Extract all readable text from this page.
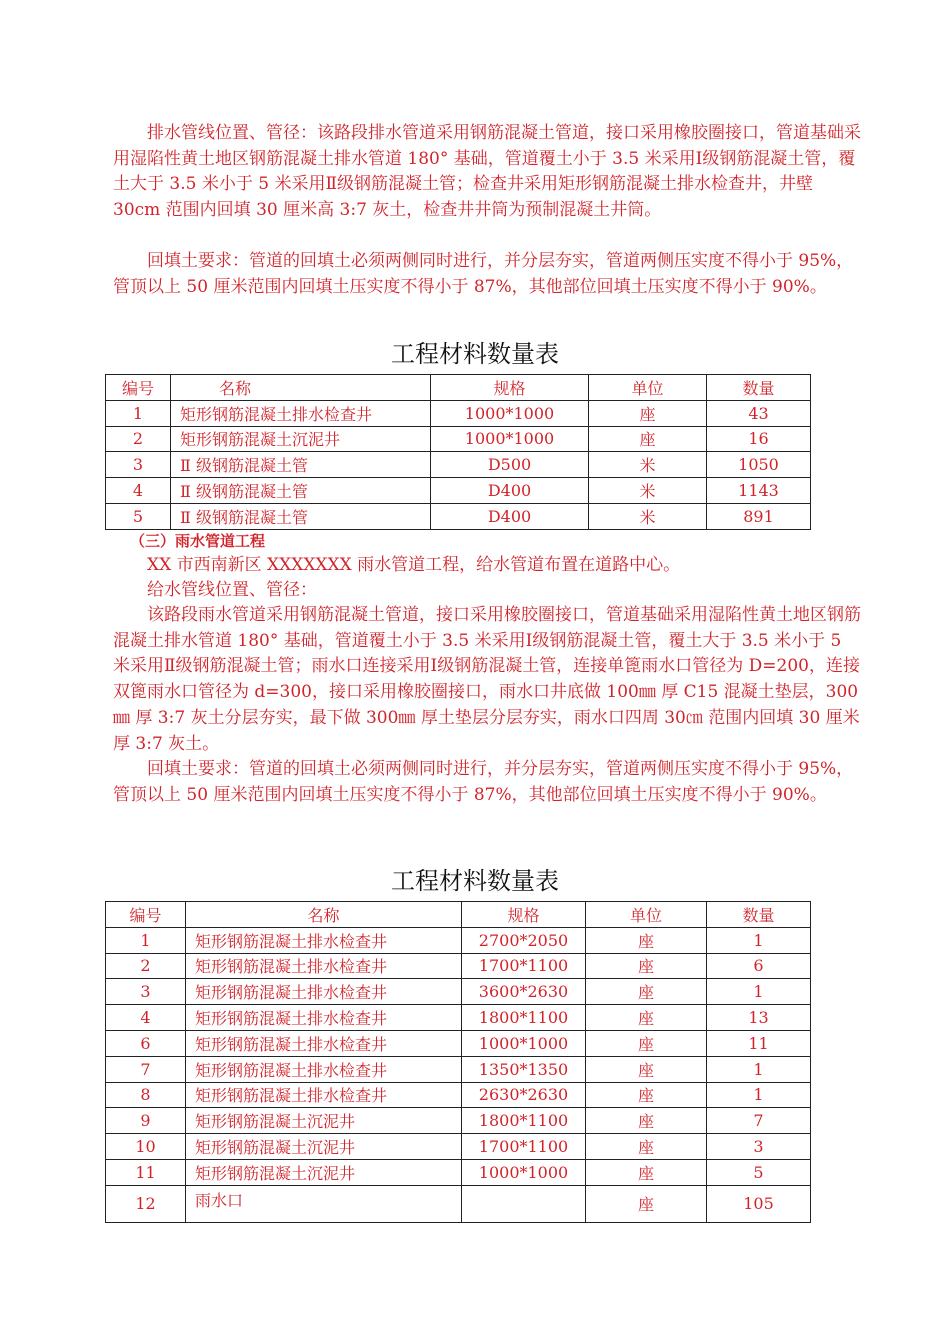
排水管线位置、管径：该路段排水管道采用钢筋混凝土管道，接口采用橡胶圈接口，管道基础采用湿陷性黄土地区钢筋混凝土排水管道 180° 基础，管道覆土小于 3.5 米采用Ⅰ级钢筋混凝土管，覆土大于 3.5 米小于 5 米采用Ⅱ级钢筋混凝土管；检查井采用矩形钢筋混凝土排水检查井，井壁 30cm 范围内回填 30 厘米高 3:7 灰土，检查井井筒为预制混凝土井筒。

回填土要求：管道的回填土必须两侧同时进行，并分层夯实，管道两侧压实度不得小于 95%，管顶以上 50 厘米范围内回填土压实度不得小于 87%，其他部位回填土压实度不得小于 90%。

工程材料数量表
编号	名称	规格	单位	数量
1	矩形钢筋混凝土排水检查井	1000*1000	座	43
2	矩形钢筋混凝土沉泥井	1000*1000	座	16
3	Ⅱ 级钢筋混凝土管	D500	米	1050
4	Ⅱ 级钢筋混凝土管	D400	米	1143
5	Ⅱ 级钢筋混凝土管	D400	米	891
（三）雨水管道工程

XX 市西南新区 XXXXXXX 雨水管道工程，给水管道布置在道路中心。

给水管线位置、管径：

该路段雨水管道采用钢筋混凝土管道，接口采用橡胶圈接口，管道基础采用湿陷性黄土地区钢筋混凝土排水管道 180° 基础，管道覆土小于 3.5 米采用Ⅰ级钢筋混凝土管，覆土大于 3.5 米小于 5 米采用Ⅱ级钢筋混凝土管；雨水口连接采用Ⅰ级钢筋混凝土管，连接单篦雨水口管径为 D=200，连接双篦雨水口管径为 d=300，接口采用橡胶圈接口，雨水口井底做 100㎜ 厚 C15 混凝土垫层，300㎜ 厚 3:7 灰土分层夯实，最下做 300㎜ 厚土垫层分层夯实，雨水口四周 30㎝ 范围内回填 30 厘米厚 3:7 灰土。

回填土要求：管道的回填土必须两侧同时进行，并分层夯实，管道两侧压实度不得小于 95%，管顶以上 50 厘米范围内回填土压实度不得小于 87%，其他部位回填土压实度不得小于 90%。

工程材料数量表
编号	名称	规格	单位	数量
1	矩形钢筋混凝土排水检查井	2700*2050	座	1
2	矩形钢筋混凝土排水检查井	1700*1100	座	6
3	矩形钢筋混凝土排水检查井	3600*2630	座	1
4	矩形钢筋混凝土排水检查井	1800*1100	座	13
6	矩形钢筋混凝土排水检查井	1000*1000	座	11
7	矩形钢筋混凝土排水检查井	1350*1350	座	1
8	矩形钢筋混凝土排水检查井	2630*2630	座	1
9	矩形钢筋混凝土沉泥井	1800*1100	座	7
10	矩形钢筋混凝土沉泥井	1700*1100	座	3
11	矩形钢筋混凝土沉泥井	1000*1000	座	5
12	雨水口		座	105
